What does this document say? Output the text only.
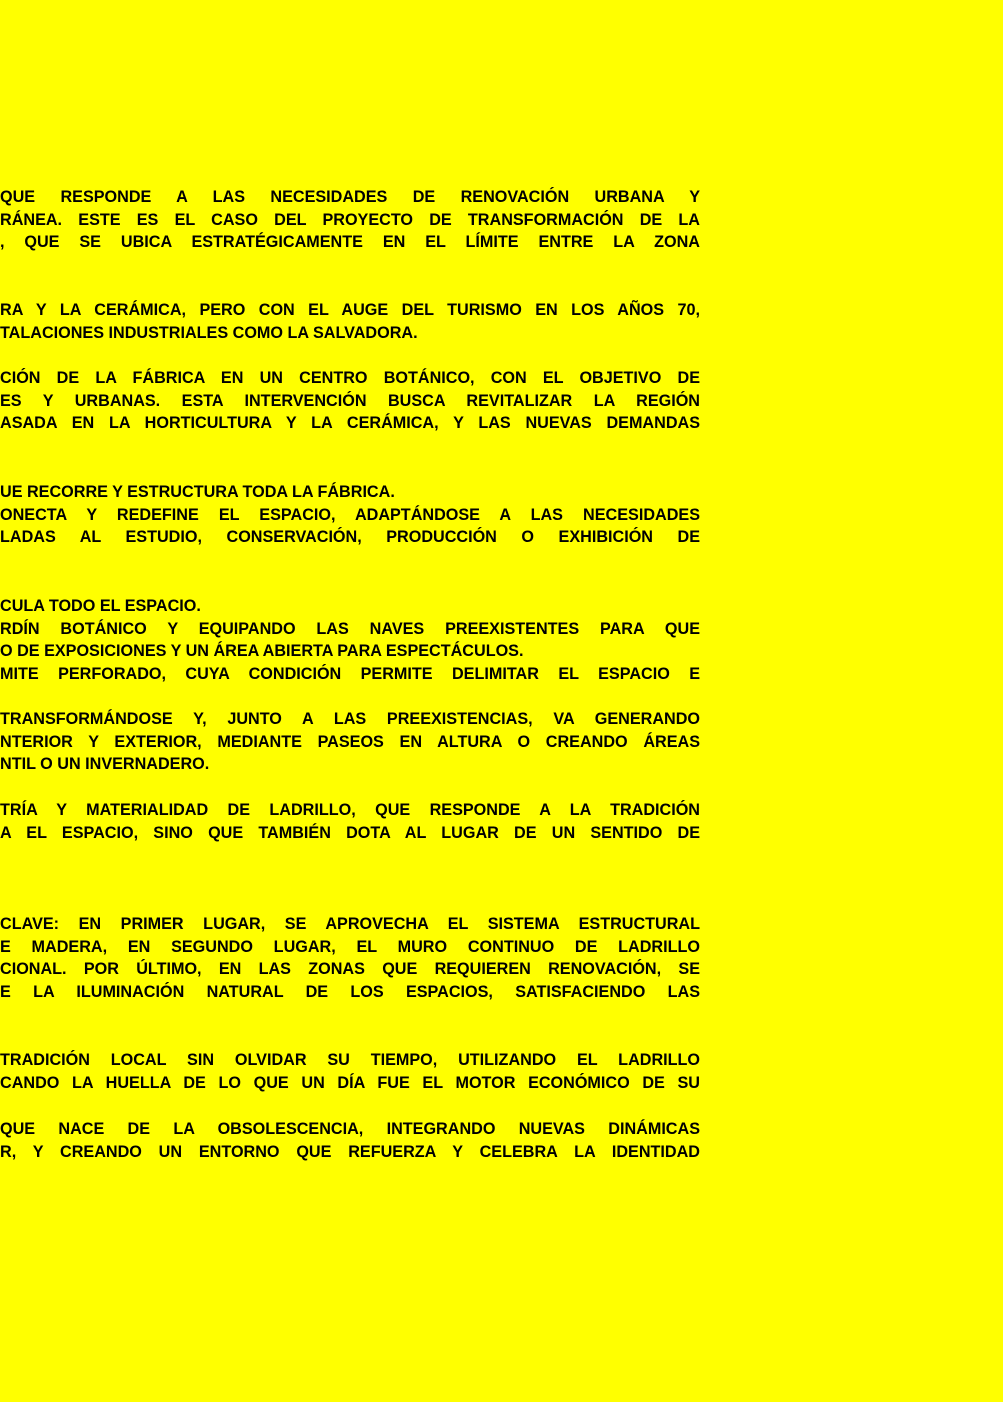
QUE RESPONDE A LAS NECESIDADES DE RENOVACIÓN URBANA Y
RÁNEA. ESTE ES EL CASO DEL PROYECTO DE TRANSFORMACIÓN DE LA
, QUE SE UBICA ESTRATÉGICAMENTE EN EL LÍMITE ENTRE LA ZONA
RA Y LA CERÁMICA, PERO CON EL AUGE DEL TURISMO EN LOS AÑOS 70,
TALACIONES INDUSTRIALES COMO LA SALVADORA.
CIÓN DE LA FÁBRICA EN UN CENTRO BOTÁNICO, CON EL OBJETIVO DE
ES Y URBANAS. ESTA INTERVENCIÓN BUSCA REVITALIZAR LA REGIÓN
ASADA EN LA HORTICULTURA Y LA CERÁMICA, Y LAS NUEVAS DEMANDAS
UE RECORRE Y ESTRUCTURA TODA LA FÁBRICA.
ONECTA Y REDEFINE EL ESPACIO, ADAPTÁNDOSE A LAS NECESIDADES
LADAS AL ESTUDIO, CONSERVACIÓN, PRODUCCIÓN O EXHIBICIÓN DE
CULA TODO EL ESPACIO.
RDÍN BOTÁNICO Y EQUIPANDO LAS NAVES PREEXISTENTES PARA QUE
O DE EXPOSICIONES Y UN ÁREA ABIERTA PARA ESPECTÁCULOS.
MITE PERFORADO, CUYA CONDICIÓN PERMITE DELIMITAR EL ESPACIO E
TRANSFORMÁNDOSE Y, JUNTO A LAS PREEXISTENCIAS, VA GENERANDO
NTERIOR Y EXTERIOR, MEDIANTE PASEOS EN ALTURA O CREANDO ÁREAS
NTIL O UN INVERNADERO.
TRÍA Y MATERIALIDAD DE LADRILLO, QUE RESPONDE A LA TRADICIÓN
A EL ESPACIO, SINO QUE TAMBIÉN DOTA AL LUGAR DE UN SENTIDO DE
CLAVE: EN PRIMER LUGAR, SE APROVECHA EL SISTEMA ESTRUCTURAL
E MADERA, EN SEGUNDO LUGAR, EL MURO CONTINUO DE LADRILLO
CIONAL. POR ÚLTIMO, EN LAS ZONAS QUE REQUIEREN RENOVACIÓN, SE
E LA ILUMINACIÓN NATURAL DE LOS ESPACIOS, SATISFACIENDO LAS
TRADICIÓN LOCAL SIN OLVIDAR SU TIEMPO, UTILIZANDO EL LADRILLO
CANDO LA HUELLA DE LO QUE UN DÍA FUE EL MOTOR ECONÓMICO DE SU
QUE NACE DE LA OBSOLESCENCIA, INTEGRANDO NUEVAS DINÁMICAS
R, Y CREANDO UN ENTORNO QUE REFUERZA Y CELEBRA LA IDENTIDAD
